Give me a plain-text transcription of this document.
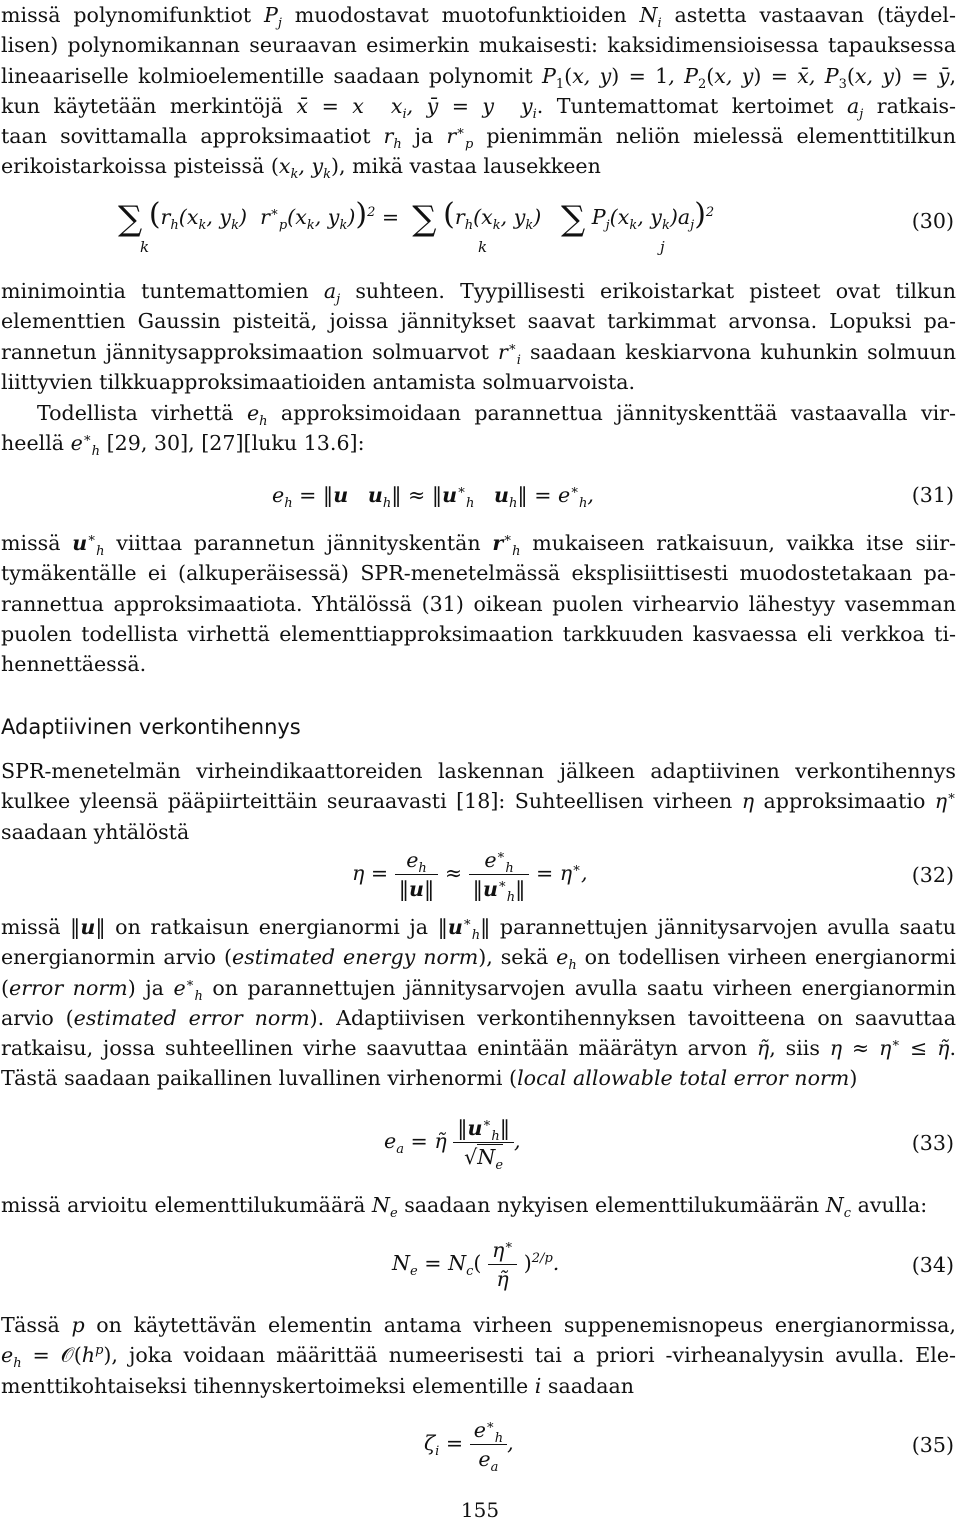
missä polynomifunktiot $P_j$ muodostavat muotofunktioiden $N_i$ astetta vastaavan (täydel-
lisen) polynomikannan seuraavan esimerkin mukaisesti: kaksidimensioisessa tapauksessa
lineaariselle kolmioelementille saadaan polynomit $P_1(x$, y) = 1, $P_2(x$, y) = x̄, $P_3(x$, y) = ȳ,
kun käytetään merkintöjä x̄ = x $x_i$, ȳ = y $y_i$. Tuntemattomat kertoimet $a_j$ ratkais-
taan sovittamalla approksimaatiot $r_h$ ja $r^∗_p$ pienimmän neliön mielessä elementtitilkun
erikoistarkoissa pisteissä ($x_k$, $y_k$), mikä vastaa lausekkeen
∑ ($r_h(x_k$, $y_k$)  $r^∗_p(x_k$, $y_k))^2$ = ∑ ($r_h(x_k$, $y_k$)   ∑ $P_j(x_k$, $y_k)a_j)^2$
k	k	j
(30)
minimointia tuntemattomien $a_j$ suhteen. Tyypillisesti erikoistarkat pisteet ovat tilkun
elementtien Gaussin pisteitä, joissa jännitykset saavat tarkimmat arvonsa. Lopuksi pa-
rannetun jännitysapproksimaation solmuarvot $r^∗_i$ saadaan keskiarvona kuhunkin solmuun
liittyvien tilkkuapproksimaatioiden antamista solmuarvoista.
Todellista virhettä $e_h$ approksimoidaan parannettua jännityskenttää vastaavalla vir-
heellä $e^∗_h$ [29, 30], [27][luku 13.6]:
$e_h$ = ‖u $u_h‖$ ≈ $‖u^∗_h$ $u_h‖ = e^∗_h$,	(31)
missä $u^∗_h$ viittaa parannetun jännityskentän $r^∗_h$ mukaiseen ratkaisuun, vaikka itse siir-
tymäkentälle ei (alkuperäisessä) SPR-menetelmässä eksplisiittisesti muodostetakaan pa-
rannettua approksimaatiota. Yhtälössä (31) oikean puolen virhearvio lähestyy vasemman
puolen todellista virhettä elementtiapproksimaation tarkkuuden kasvaessa eli verkkoa ti-
hennettäessä.
Adaptiivinen verkontihennys
SPR-menetelmän virheindikaattoreiden laskennan jälkeen adaptiivinen verkontihennys
kulkee yleensä pääpiirteittäin seuraavasti [18]: Suhteellisen virheen η approksimaatio η∗
saadaan yhtälöstä
$\eta = \frac{e_h}{‖u‖} \approx \frac{e^∗_h}{‖u^∗_h‖} = \eta^∗$,	(32)
missä ‖u‖ on ratkaisun energianormi ja $‖u^∗_h‖$ parannettujen jännitysarvojen avulla saatu
energianormin arvio (estimated energy norm), sekä $e_h$ on todellisen virheen energianormi
(error norm) ja $e^∗_h$ on parannettujen jännitysarvojen avulla saatu virheen energianormin
arvio (estimated error norm). Adaptiivisen verkontihennyksen tavoitteena on saavuttaa
ratkaisu, jossa suhteellinen virhe saavuttaa enintään määrätyn arvon η̃, siis η ≈ η∗ ≤ η̃.
Tästä saadaan paikallinen luvallinen virhenormi (local allowable total error norm)
$e_a$ = η̃ $\frac{‖u^∗_h‖}{√N_e}$ ,	(33)
missä arvioitu elementtilukumäärä $N_e$ saadaan nykyisen elementtilukumäärän $N_c$ avulla:
$N_e = N_c( \frac{\eta^∗}{\etã} )^{2/p}$.	(34)
Tässä p on käytettävän elementin antama virheen suppenemisnopeus energianormissa,
$e_h$ = $𝒪(h^p)$, joka voidaan määrittää numeerisesti tai a priori -virheanalyysin avulla. Ele-
menttikohtaiseksi tihennyskertoimeksi elementille i saadaan
$\zeta_i = \frac{e^∗_h}{e_a}$ ,	(35)
155
